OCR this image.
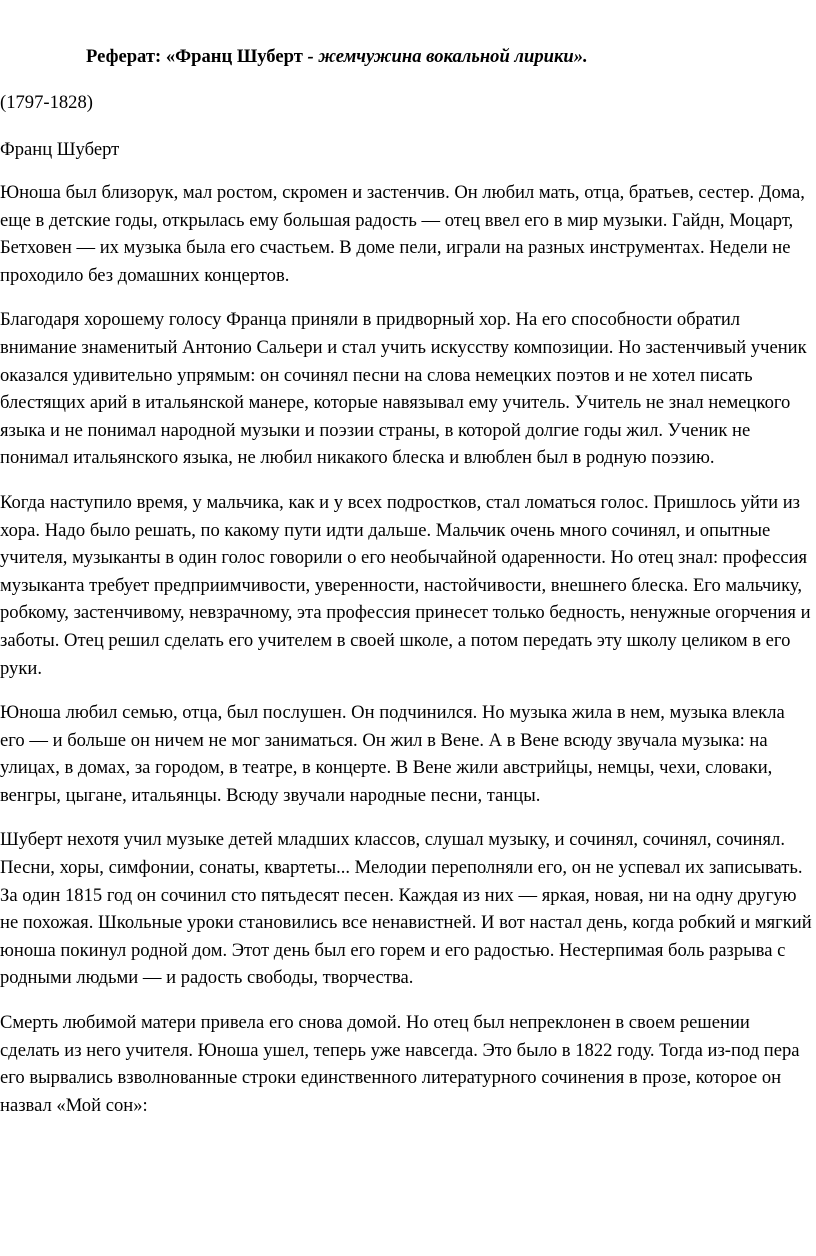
Реферат: «Франц Шуберт - жемчужина вокальной лирики».

(1797-1828)

Франц Шуберт

Юноша был близорук, мал ростом, скромен и застенчив. Он любил мать, отца, братьев, сестер. Дома, еще в детские годы, открылась ему большая радость — отец ввел его в мир музыки. Гайдн, Моцарт, Бетховен — их музыка была его счастьем. В доме пели, играли на разных инструментах. Недели не проходило без домашних концертов.

Благодаря хорошему голосу Франца приняли в придворный хор. На его способности обратил внимание знаменитый Антонио Сальери и стал учить искусству композиции. Но застенчивый ученик оказался удивительно упрямым: он сочинял песни на слова немецких поэтов и не хотел писать блестящих арий в итальянской манере, которые навязывал ему учитель. Учитель не знал немецкого языка и не понимал народной музыки и поэзии страны, в которой долгие годы жил. Ученик не понимал итальянского языка, не любил никакого блеска и влюблен был в родную поэзию.

Когда наступило время, у мальчика, как и у всех подростков, стал ломаться голос. Пришлось уйти из хора. Надо было решать, по какому пути идти дальше. Мальчик очень много сочинял, и опытные учителя, музыканты в один голос говорили о его необычайной одаренности. Но отец знал: профессия музыканта требует предприимчивости, уверенности, настойчивости, внешнего блеска. Его мальчику, робкому, застенчивому, невзрачному, эта профессия принесет только бедность, ненужные огорчения и заботы. Отец решил сделать его учителем в своей школе, а потом передать эту школу целиком в его руки.

Юноша любил семью, отца, был послушен. Он подчинился. Но музыка жила в нем, музыка влекла его — и больше он ничем не мог заниматься. Он жил в Вене. А в Вене всюду звучала музыка: на улицах, в домах, за городом, в театре, в концерте. В Вене жили австрийцы, немцы, чехи, словаки, венгры, цыгане, итальянцы. Всюду звучали народные песни, танцы.

Шуберт нехотя учил музыке детей младших классов, слушал музыку, и сочинял, сочинял, сочинял. Песни, хоры, симфонии, сонаты, квартеты... Мелодии переполняли его, он не успевал их записывать. За один 1815 год он сочинил сто пятьдесят песен. Каждая из них — яркая, новая, ни на одну другую не похожая. Школьные уроки становились все ненавистней. И вот настал день, когда робкий и мягкий юноша покинул родной дом. Этот день был его горем и его радостью. Нестерпимая боль разрыва с родными людьми — и радость свободы, творчества.

Смерть любимой матери привела его снова домой. Но отец был непреклонен в своем решении сделать из него учителя. Юноша ушел, теперь уже навсегда. Это было в 1822 году. Тогда из-под пера его вырвались взволнованные строки единственного литературного сочинения в прозе, которое он назвал «Мой сон»:
